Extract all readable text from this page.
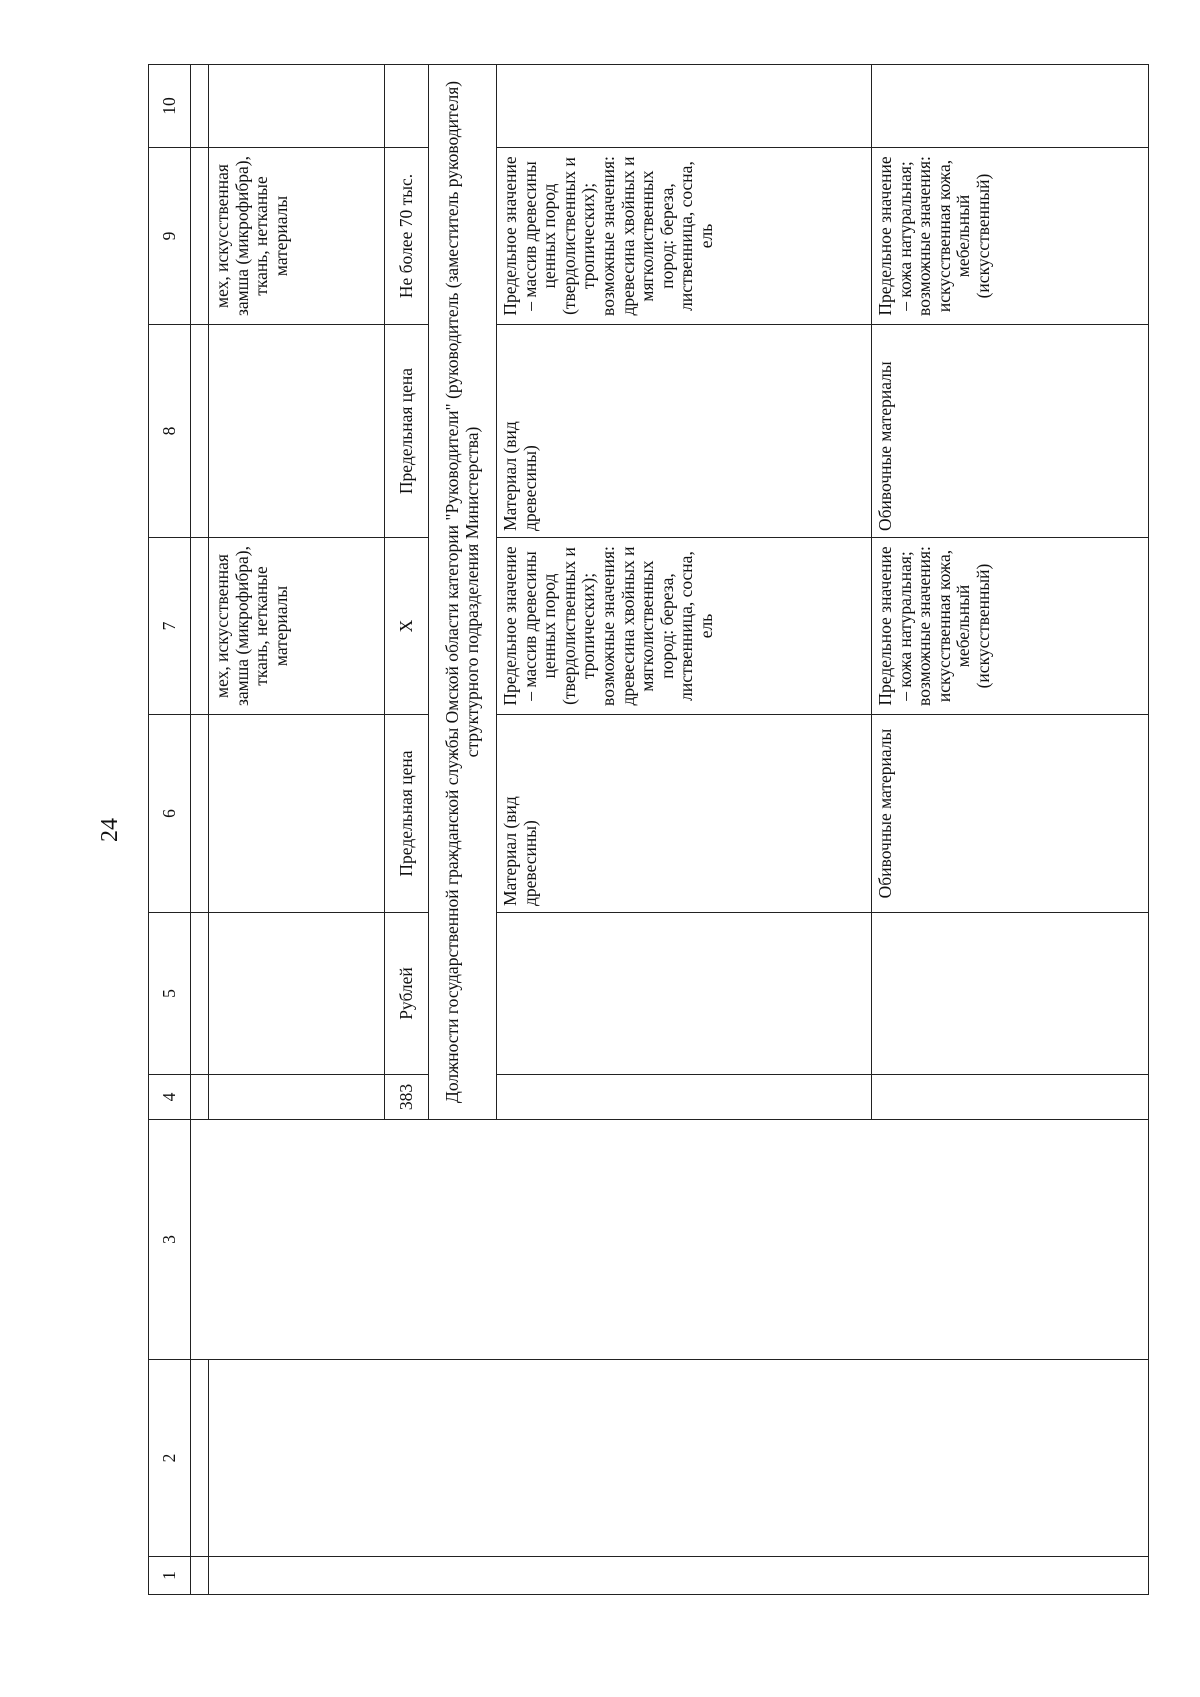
24
1	2	3	4	5	6	7	8	9	10

						мех, искусственная замша (микрофибра), ткань, нетканые материалы		мех, искусственная замша (микрофибра), ткань, нетканые материалы	
			383	Рублей	Предельная цена	Х	Предельная цена	Не более 70 тыс.	
			Должности государственной гражданской службы Омской области категории "Руководители" (руководитель (заместитель руководителя) структурного подразделения Министерства)						
					Материал (вид древесины)	Предельное значение – массив древесины ценных пород (твердолиственных и тропических); возможные значения: древесина хвойных и мягколиственных пород: береза, лиственница, сосна, ель	Материал (вид древесины)	Предельное значение – массив древесины ценных пород (твердолиственных и тропических); возможные значения: древесина хвойных и мягколиственных пород: береза, лиственница, сосна, ель	
					Обивочные материалы	Предельное значение – кожа натуральная; возможные значения: искусственная кожа, мебельный (искусственный)	Обивочные материалы	Предельное значение – кожа натуральная; возможные значения: искусственная кожа, мебельный (искусственный)	
